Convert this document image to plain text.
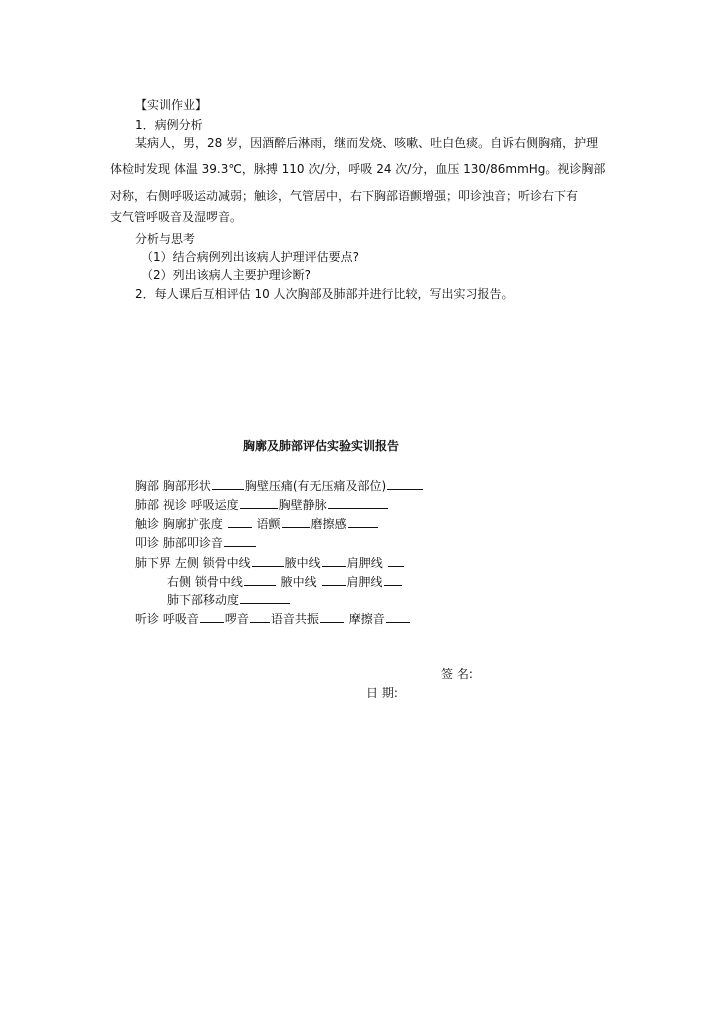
【实训作业】
1．病例分析
某病人，男，28 岁，因酒醉后淋雨，继而发烧、咳嗽、吐白色痰。自诉右侧胸痛，护理
体检时发现 体温 39.3℃，脉搏 110 次/分，呼吸 24 次/分，血压 130/86mmHg。视诊胸部
对称，右侧呼吸运动减弱；触诊，气管居中，右下胸部语颤增强；叩诊浊音；听诊右下有
支气管呼吸音及湿啰音。
分析与思考
（1）结合病例列出该病人护理评估要点?
（2）列出该病人主要护理诊断?
2．每人课后互相评估 10 人次胸部及肺部并进行比较，写出实习报告。
胸廓及肺部评估实验实训报告
胸部 胸部形状	胸壁压痛(有无压痛及部位)
肺部 视诊 呼吸运度	胸壁静脉
触诊 胸廓扩张度	语颤	磨擦感
叩诊 肺部叩诊音
肺下界 左侧 锁骨中线	腋中线 肩胛线
右侧 锁骨中线	腋中线 肩胛线
肺下部移动度
听诊 呼吸音 啰音 语音共振 摩擦音
签 名:
日 期:
